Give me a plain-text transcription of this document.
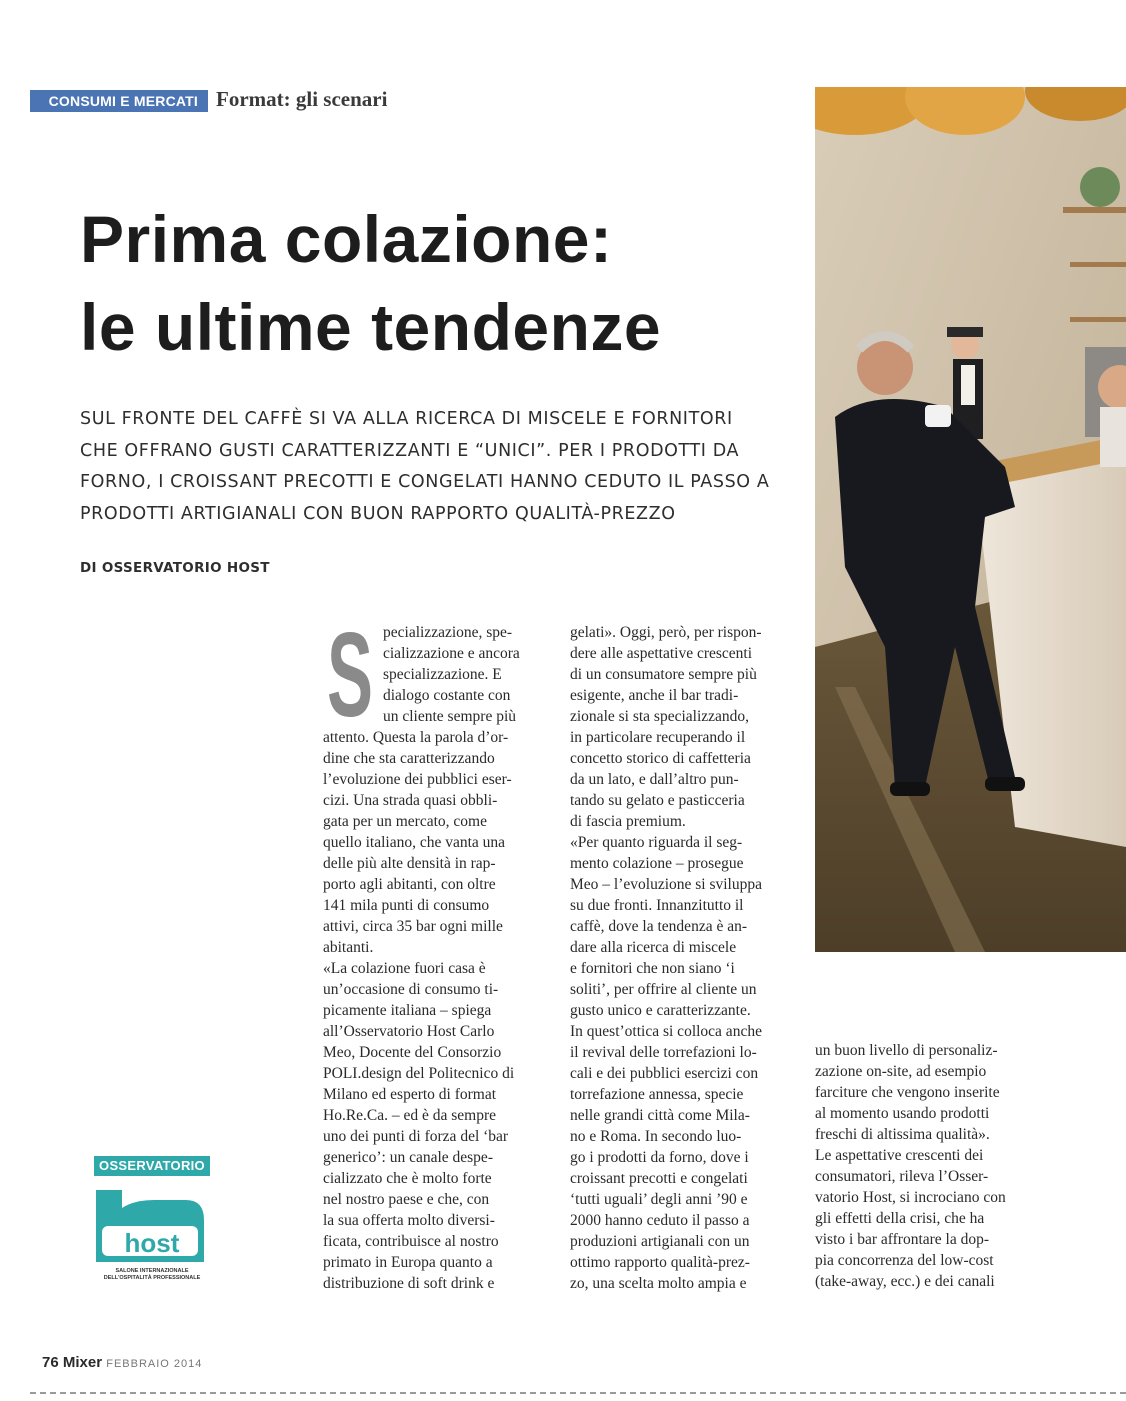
CONSUMI E MERCATI Format: gli scenari
Prima colazione:
le ultime tendenze
SUL FRONTE DEL CAFFÈ SI VA ALLA RICERCA DI MISCELE E FORNITORI
CHE OFFRANO GUSTI CARATTERIZZANTI E “UNICI”. PER I PRODOTTI DA
FORNO, I CROISSANT PRECOTTI E CONGELATI HANNO CEDUTO IL PASSO A
PRODOTTI ARTIGIANALI CON BUON RAPPORTO QUALITÀ-PREZZO
DI OSSERVATORIO HOST
S pecializzazione, spe-
cializzazione e ancora
specializzazione. E
dialogo costante con
un cliente sempre più
attento. Questa la parola d’or-
dine che sta caratterizzando
l’evoluzione dei pubblici eser-
cizi. Una strada quasi obbli-
gata per un mercato, come
quello italiano, che vanta una
delle più alte densità in rap-
porto agli abitanti, con oltre
141 mila punti di consumo
attivi, circa 35 bar ogni mille
abitanti.
«La colazione fuori casa è
un’occasione di consumo ti-
picamente italiana – spiega
all’Osservatorio Host Carlo
Meo, Docente del Consorzio
POLI.design del Politecnico di
Milano ed esperto di format
Ho.Re.Ca. – ed è da sempre
uno dei punti di forza del ‘bar
generico’: un canale despe-
cializzato che è molto forte
nel nostro paese e che, con
la sua offerta molto diversi-
ficata, contribuisce al nostro
primato in Europa quanto a
distribuzione di soft drink e
gelati». Oggi, però, per rispon-
dere alle aspettative crescenti
di un consumatore sempre più
esigente, anche il bar tradi-
zionale si sta specializzando,
in particolare recuperando il
concetto storico di caffetteria
da un lato, e dall’altro pun-
tando su gelato e pasticceria
di fascia premium.
«Per quanto riguarda il seg-
mento colazione – prosegue
Meo – l’evoluzione si sviluppa
su due fronti. Innanzitutto il
caffè, dove la tendenza è an-
dare alla ricerca di miscele
e fornitori che non siano ‘i
soliti’, per offrire al cliente un
gusto unico e caratterizzante.
In quest’ottica si colloca anche
il revival delle torrefazioni lo-
cali e dei pubblici esercizi con
torrefazione annessa, specie
nelle grandi città come Mila-
no e Roma. In secondo luo-
go i prodotti da forno, dove i
croissant precotti e congelati
‘tutti uguali’ degli anni ’90 e
2000 hanno ceduto il passo a
produzioni artigianali con un
ottimo rapporto qualità-prez-
zo, una scelta molto ampia e
un buon livello di personaliz-
zazione on-site, ad esempio
farciture che vengono inserite
al momento usando prodotti
freschi di altissima qualità».
Le aspettative crescenti dei
consumatori, rileva l’Osser-
vatorio Host, si incrociano con
gli effetti della crisi, che ha
visto i bar affrontare la dop-
pia concorrenza del low-cost
(take-away, ecc.) e dei canali
OSSERVATORIO
host
SALONE INTERNAZIONALE
DELL'OSPITALITÀ PROFESSIONALE
76 Mixer FEBBRAIO 2014
